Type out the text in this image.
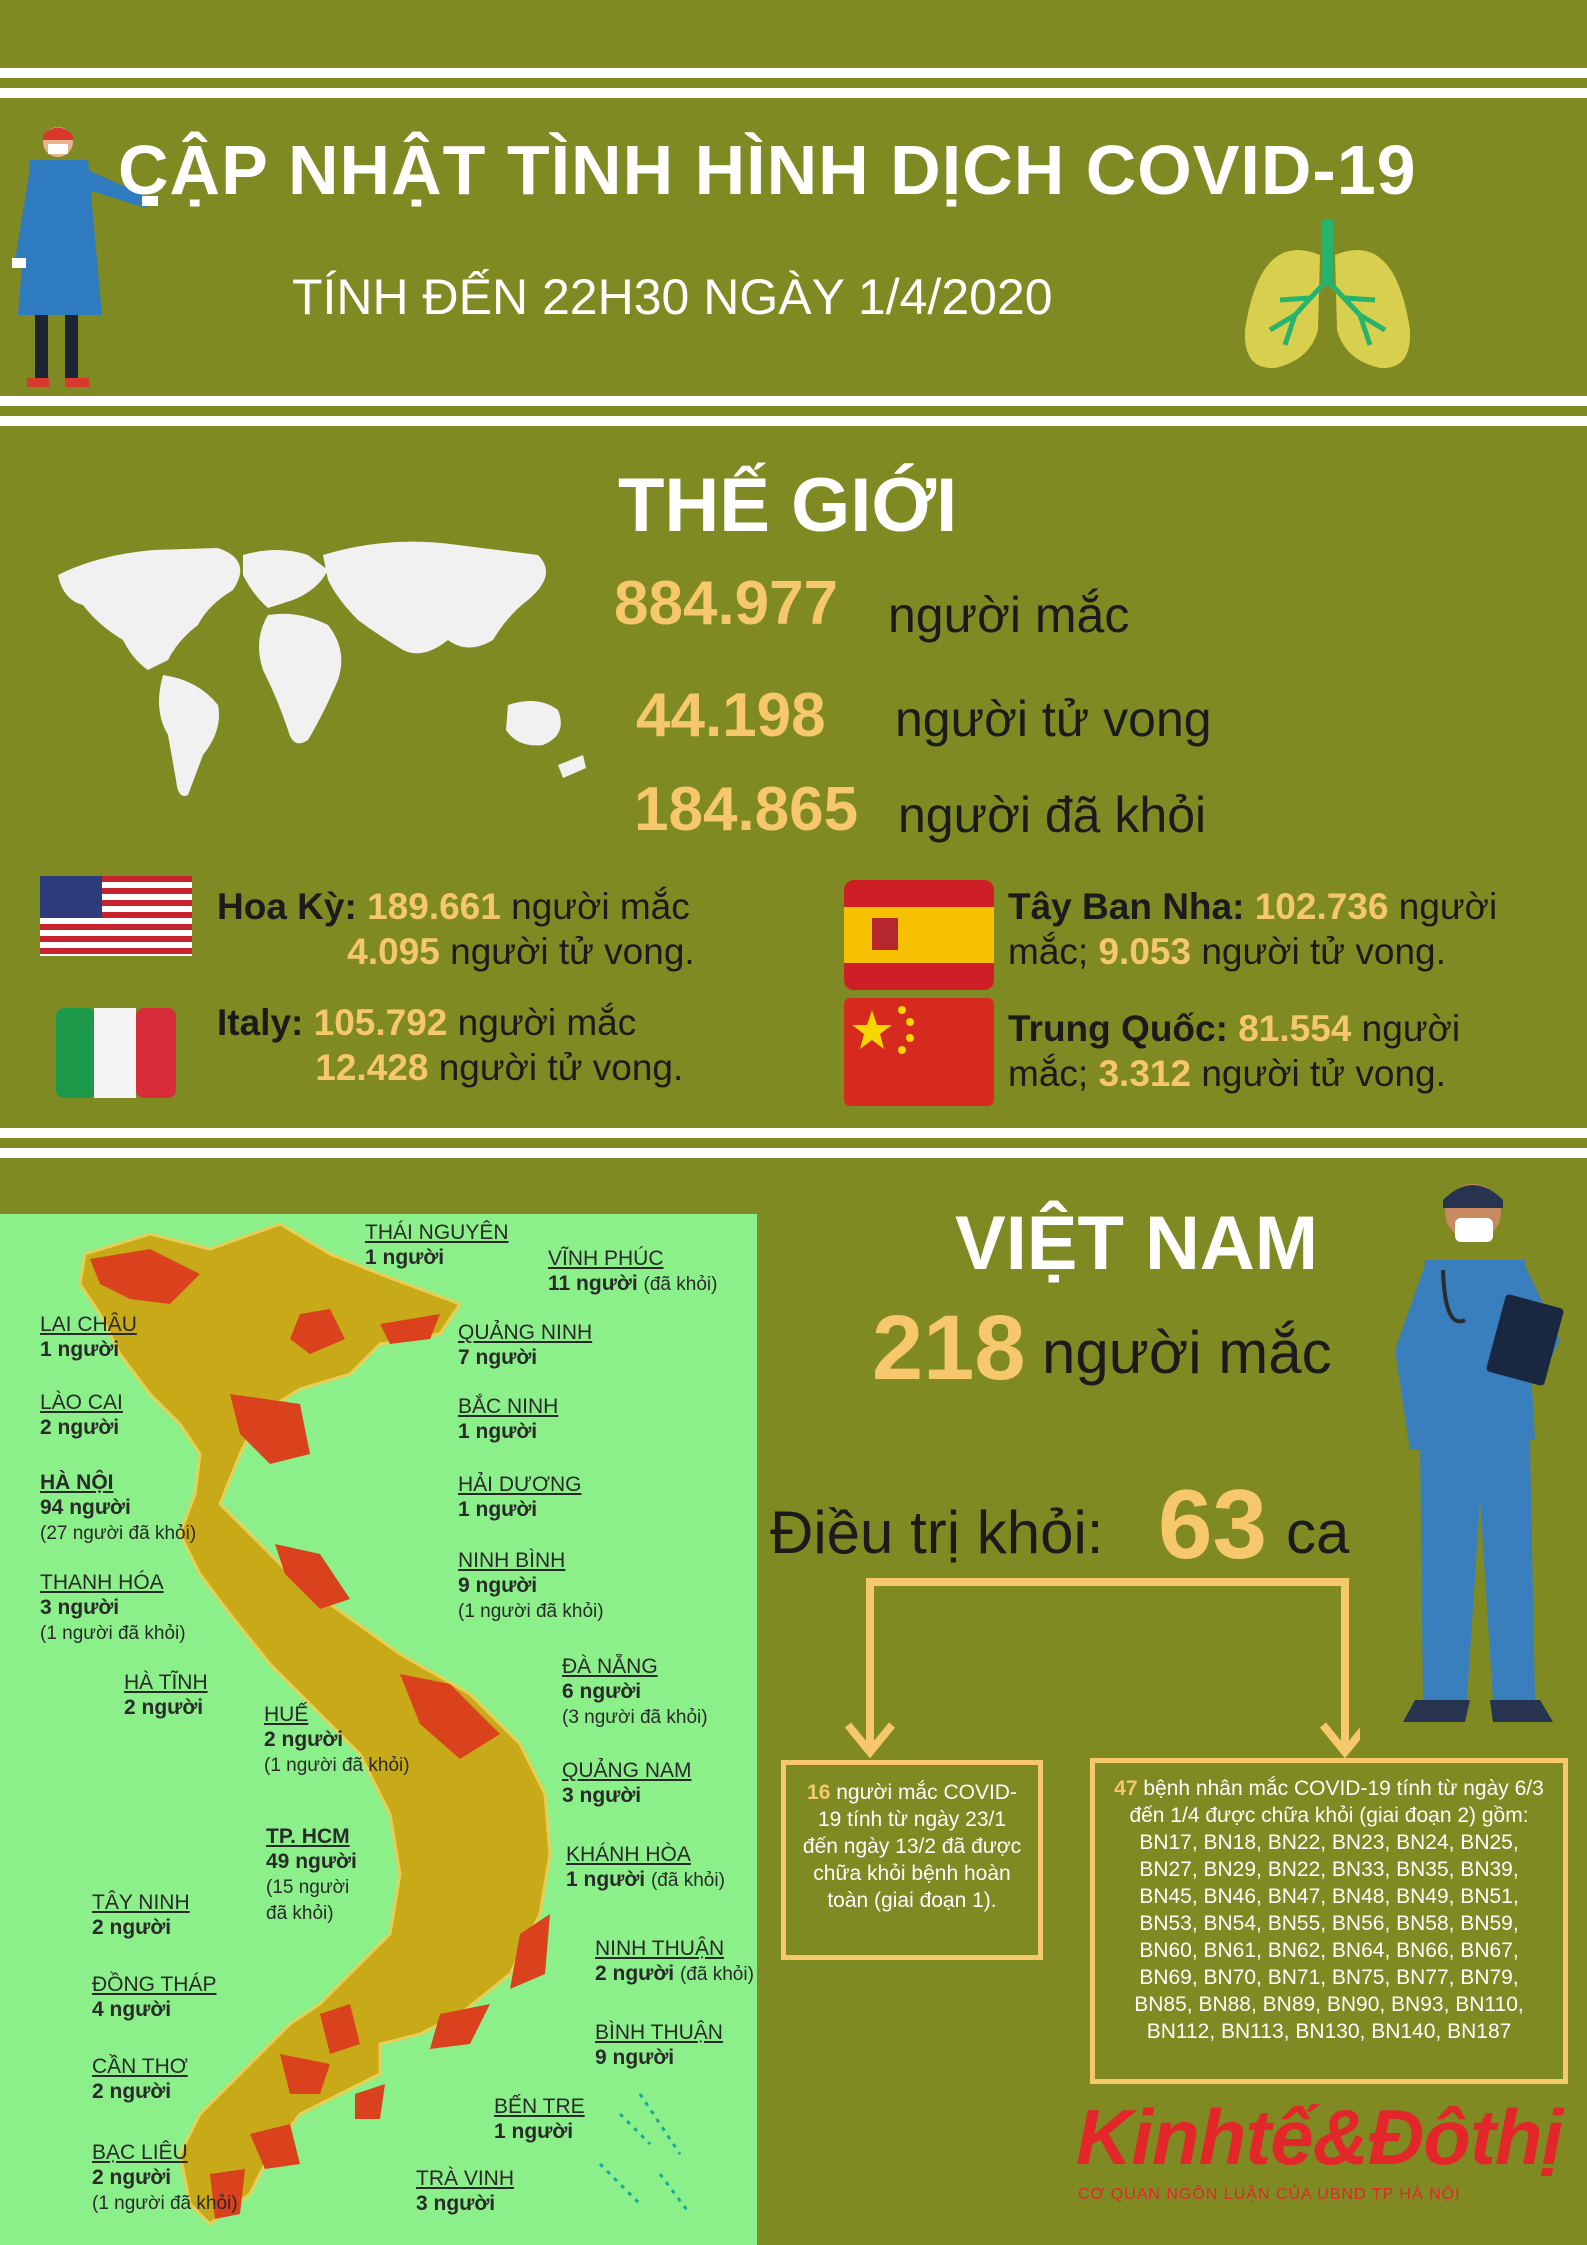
CẬP NHẬT TÌNH HÌNH DỊCH COVID-19
TÍNH ĐẾN 22H30 NGÀY 1/4/2020
THẾ GIỚI
884.977 người mắc
44.198 người tử vong
184.865 người đã khỏi
Hoa Kỳ: 189.661 người mắc
4.095 người tử vong.
Italy: 105.792 người mắc
12.428 người tử vong.
Tây Ban Nha: 102.736 người
mắc; 9.053 người tử vong.
Trung Quốc: 81.554 người
mắc; 3.312 người tử vong.
THÁI NGUYÊN
1 người	VĨNH PHÚC
11 người (đã khỏi)
LAI CHÂU
1 người
QUẢNG NINH
7 người
LÀO CAI
2 người
BẮC NINH
1 người
HÀ NỘI
94 người
(27 người đã khỏi)
HẢI DƯƠNG
1 người
NINH BÌNH
9 người
(1 người đã khỏi)
THANH HÓA
3 người
(1 người đã khỏi)
ĐÀ NẴNG
6 người
(3 người đã khỏi)
HÀ TĨNH
2 người	HUẾ
2 người
(1 người đã khỏi)	QUẢNG NAM
3 người
TP. HCM
49 người
(15 người
đã khỏi)
KHÁNH HÒA
1 người (đã khỏi)
TÂY NINH
2 người
NINH THUẬN
2 người (đã khỏi)
ĐỒNG THÁP
4 người
BÌNH THUẬN
9 người
CẦN THƠ
2 người
BẾN TRE
1 người
BẠC LIÊU
2 người
(1 người đã khỏi)
TRÀ VINH
3 người
VIỆT NAM
218 người mắc
Điều trị khỏi: 63 ca
16 người mắc COVID-19 tính từ ngày 23/1 đến ngày 13/2 đã được chữa khỏi bệnh hoàn toàn (giai đoạn 1).
47 bệnh nhân mắc COVID-19 tính từ ngày 6/3 đến 1/4 được chữa khỏi (giai đoạn 2) gồm: BN17, BN18, BN22, BN23, BN24, BN25, BN27, BN29, BN22, BN33, BN35, BN39, BN45, BN46, BN47, BN48, BN49, BN51, BN53, BN54, BN55, BN56, BN58, BN59, BN60, BN61, BN62, BN64, BN66, BN67, BN69, BN70, BN71, BN75, BN77, BN79, BN85, BN88, BN89, BN90, BN93, BN110, BN112, BN113, BN130, BN140, BN187
Kinhtế&Đôthị
CƠ QUAN NGÔN LUẬN CỦA UBND TP HÀ NỘI
